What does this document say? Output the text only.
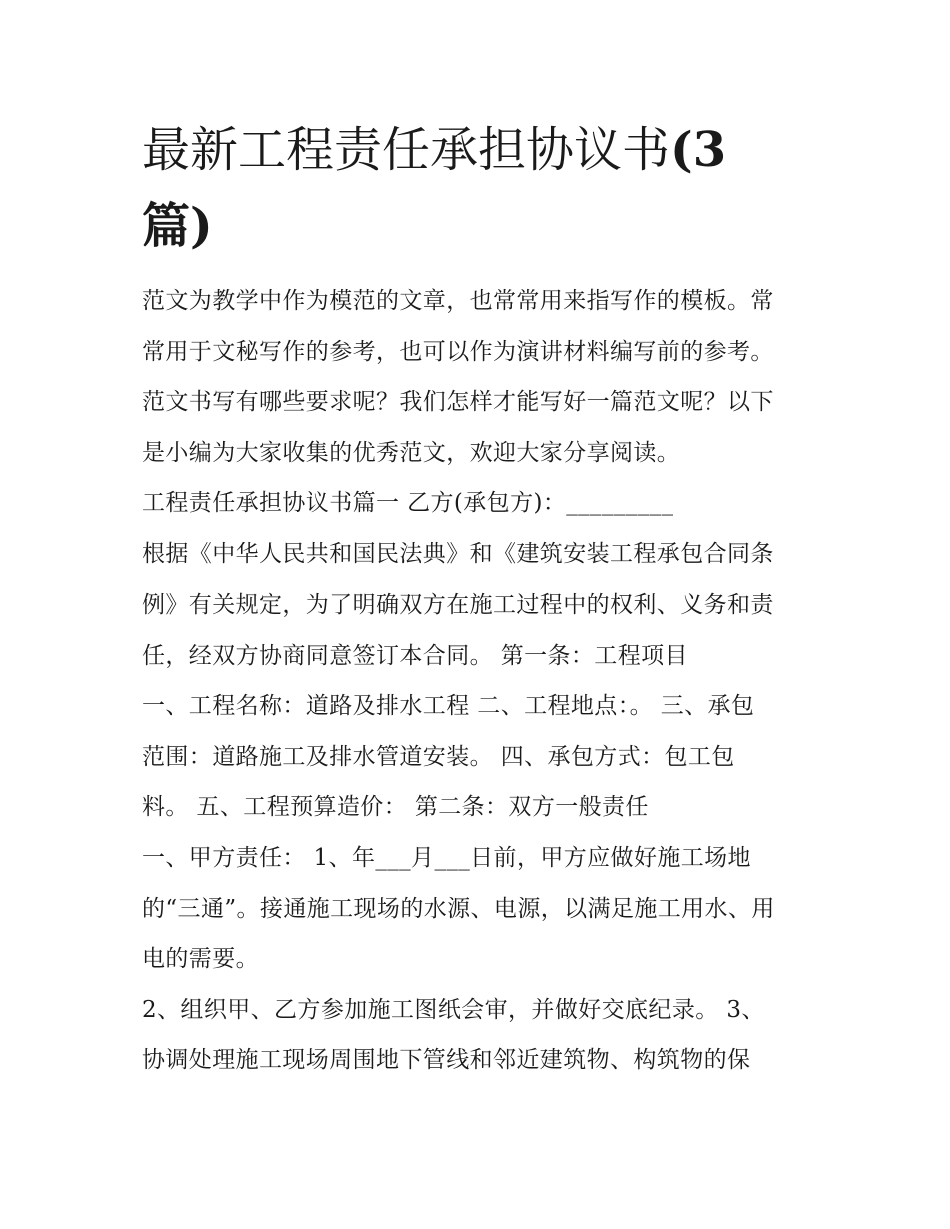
最新工程责任承担协议书(3篇)

范文为教学中作为模范的文章，也常常用来指写作的模板。常

常用于文秘写作的参考，也可以作为演讲材料编写前的参考。

范文书写有哪些要求呢？我们怎样才能写好一篇范文呢？以下

是小编为大家收集的优秀范文，欢迎大家分享阅读。

工程责任承担协议书篇一 乙方(承包方)：_________

根据《中华人民共和国民法典》和《建筑安装工程承包合同条

例》有关规定，为了明确双方在施工过程中的权利、义务和责

任，经双方协商同意签订本合同。 第一条：工程项目

一、工程名称：道路及排水工程 二、工程地点：。 三、承包

范围：道路施工及排水管道安装。 四、承包方式：包工包

料。 五、工程预算造价： 第二条：双方一般责任

一、甲方责任： 1、年___月___日前，甲方应做好施工场地

的“三通”。接通施工现场的水源、电源，以满足施工用水、用

电的需要。

2、组织甲、乙方参加施工图纸会审，并做好交底纪录。 3、

协调处理施工现场周围地下管线和邻近建筑物、构筑物的保
